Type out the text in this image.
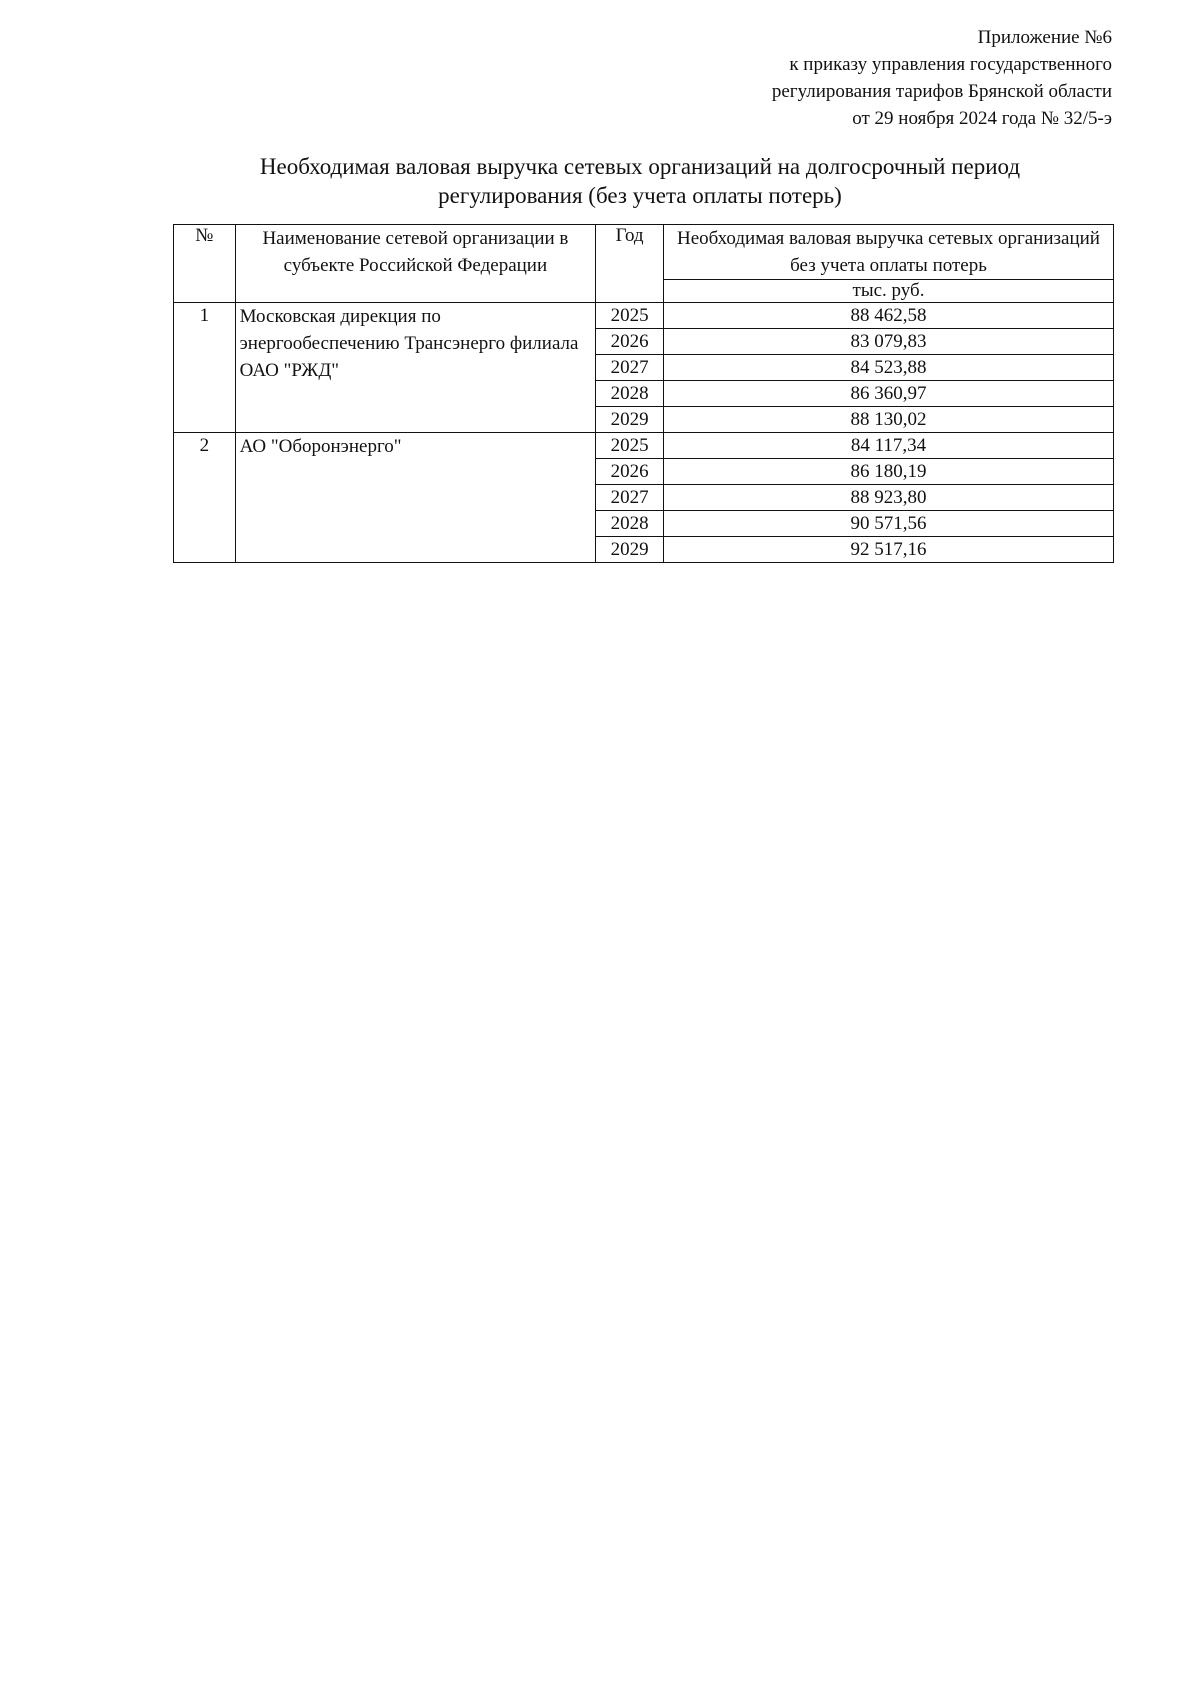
Приложение №6
к приказу управления государственного
регулирования тарифов Брянской области
от 29 ноября 2024 года № 32/5-э
Необходимая валовая выручка сетевых организаций на долгосрочный период
регулирования (без учета оплаты потерь)
№	Наименование сетевой организации в субъекте Российской Федерации	Год	Необходимая валовая выручка сетевых организаций без учета оплаты потерь
			тыс. руб.
1	Московская дирекция по энергообеспечению Трансэнерго филиала ОАО "РЖД"	2025	88 462,58
		2026	83 079,83
		2027	84 523,88
		2028	86 360,97
		2029	88 130,02
2	АО "Оборонэнерго"	2025	84 117,34
		2026	86 180,19
		2027	88 923,80
		2028	90 571,56
		2029	92 517,16
